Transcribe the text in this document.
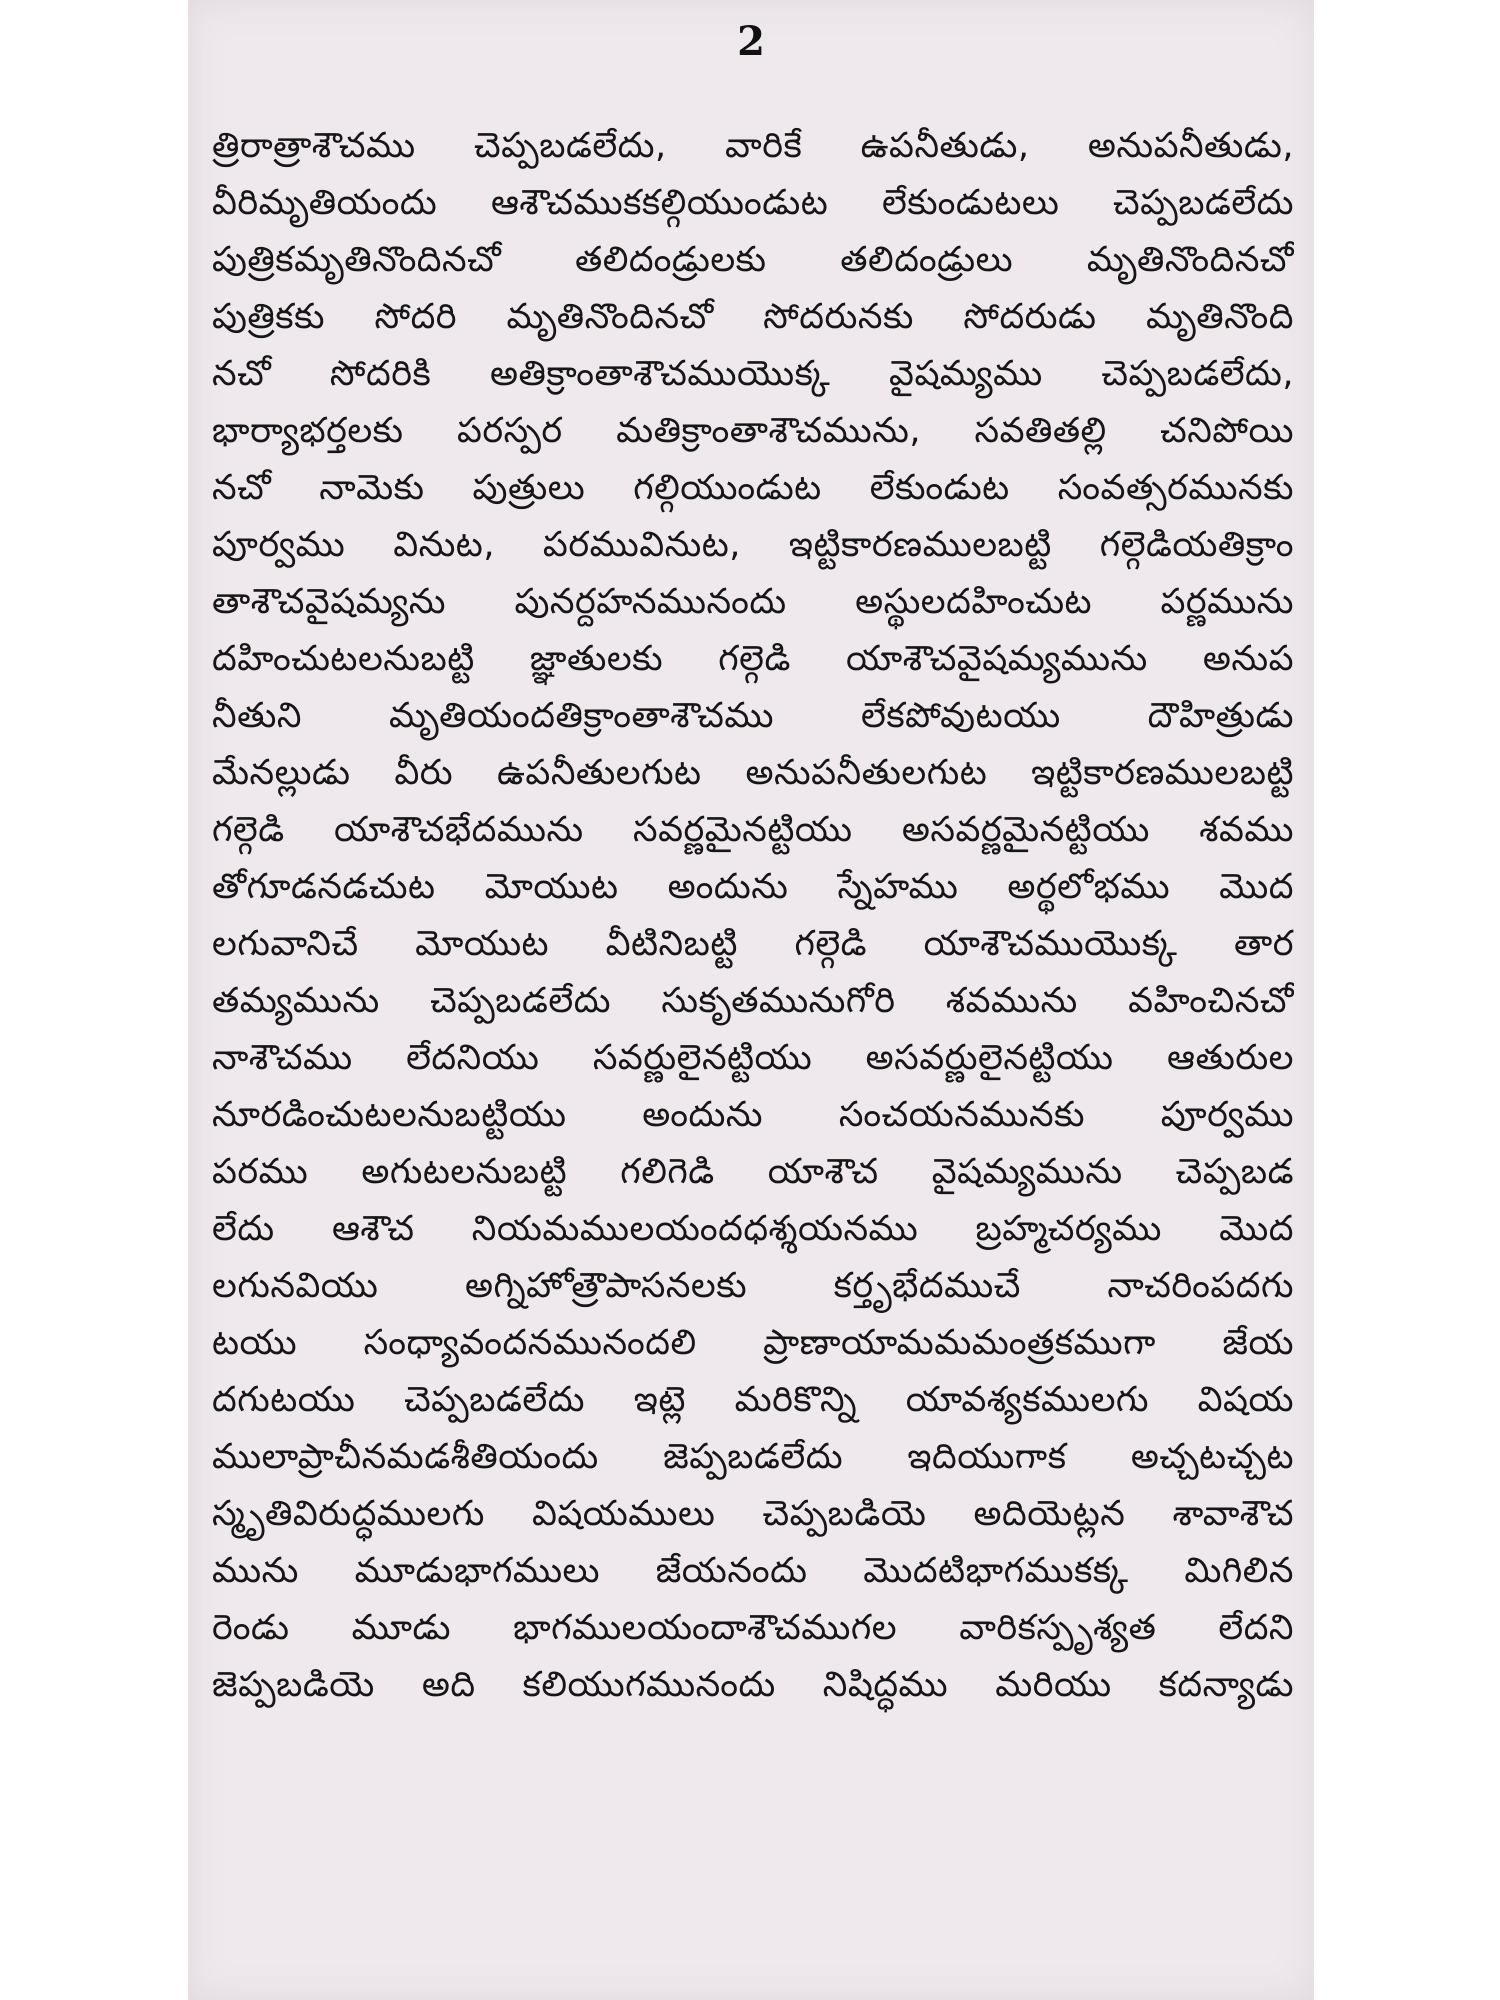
2
త్రిరాత్రాశౌచము చెప్పబడలేదు, వారికే ఉపనీతుడు, అనుపనీతుడు,
వీరిమృతియందు ఆశౌచముకకల్గియుండుట లేకుండుటలు చెప్పబడలేదు
పుత్రికమృతినొందినచో తలిదండ్రులకు తలిదండ్రులు మృతినొందినచో
పుత్రికకు సోదరి మృతినొందినచో సోదరునకు సోదరుడు మృతినొంది
నచో సోదరికి అతిక్రాంతాశౌచముయొక్క వైషమ్యము చెప్పబడలేదు,
భార్యాభర్తలకు పరస్పర మతిక్రాంతాశౌచమును, సవతితల్లి చనిపోయి
నచో నామెకు పుత్రులు గల్గియుండుట లేకుండుట సంవత్సరమునకు
పూర్వము వినుట, పరమువినుట, ఇట్టికారణములబట్టి గల్గెడియతిక్రాం
తాశౌచవైషమ్యను పునర్దహనమునందు అస్థులదహించుట పర్ణమును
దహించుటలనుబట్టి జ్ఞాతులకు గల్గెడి యాశౌచవైషమ్యమును అనుప
నీతుని మృతియందతిక్రాంతాశౌచము లేకపోవుటయు దౌహిత్రుడు
మేనల్లుడు వీరు ఉపనీతులగుట అనుపనీతులగుట ఇట్టికారణములబట్టి
గల్గెడి యాశౌచభేదమును సవర్ణమైనట్టియు అసవర్ణమైనట్టియు శవము
తోగూడనడచుట మోయుట అందును స్నేహము అర్థలోభము మొద
లగువానిచే మోయుట వీటినిబట్టి గల్గెడి యాశౌచముయొక్క తార
తమ్యమును చెప్పబడలేదు సుకృతమునుగోరి శవమును వహించినచో
నాశౌచము లేదనియు సవర్ణులైనట్టియు అసవర్ణులైనట్టియు ఆతురుల
నూరడించుటలనుబట్టియు అందును సంచయనమునకు పూర్వము
పరము అగుటలనుబట్టి గలిగెడి యాశౌచ వైషమ్యమును చెప్పబడ
లేదు ఆశౌచ నియమములయందధశ్శయనము బ్రహ్మచర్యము మొద
లగునవియు అగ్నిహోత్రౌపాసనలకు కర్తృభేదముచే నాచరింపదగు
టయు సంధ్యావందనమునందలి ప్రాణాయామమమంత్రకముగా జేయ
దగుటయు చెప్పబడలేదు ఇట్లె మరికొన్ని యావశ్యకములగు విషయ
ములాప్రాచీనమడశీతియందు జెప్పబడలేదు ఇదియుగాక అచ్చటచ్చట
స్మృతివిరుద్ధములగు విషయములు చెప్పబడియె అదియెట్లన శావాశౌచ
మును మూడుభాగములు జేయనందు మొదటిభాగముకక్క మిగిలిన
రెండు మూడు భాగములయందాశౌచముగల వారికస్పృశ్యత లేదని
జెప్పబడియె అది కలియుగమునందు నిషిద్ధము మరియు కదన్యాడు
